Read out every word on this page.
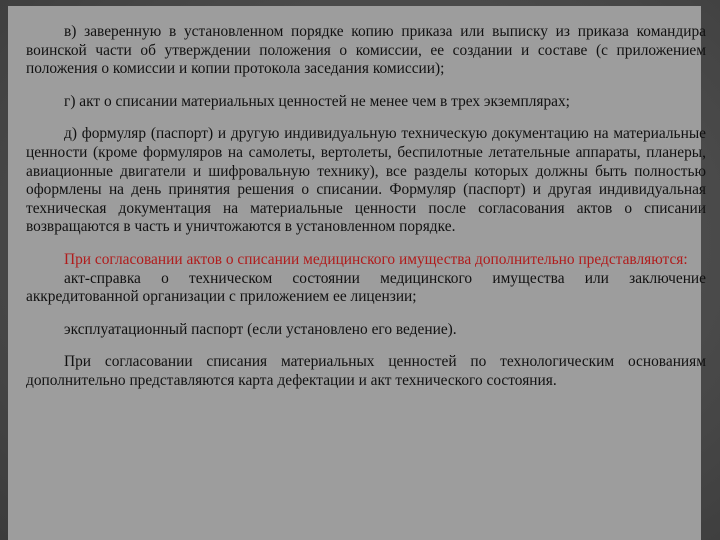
в) заверенную в установленном порядке копию приказа или выписку из приказа командира воинской части об утверждении положения о комиссии, ее создании и составе (с приложением положения о комиссии и копии протокола заседания комиссии);

г) акт о списании материальных ценностей не менее чем в трех экземплярах;

д) формуляр (паспорт) и другую индивидуальную техническую документацию на материальные ценности (кроме формуляров на самолеты, вертолеты, беспилотные летательные аппараты, планеры, авиационные двигатели и шифровальную технику), все разделы которых должны быть полностью оформлены на день принятия решения о списании. Формуляр (паспорт) и другая индивидуальная техническая документация на материальные ценности после согласования актов о списании возвращаются в часть и уничтожаются в установленном порядке.

При согласовании актов о списании медицинского имущества дополнительно представляются:

акт-справка о техническом состоянии медицинского имущества или заключение аккредитованной организации с приложением ее лицензии;

эксплуатационный паспорт (если установлено его ведение).

При согласовании списания материальных ценностей по технологическим основаниям дополнительно представляются карта дефектации и акт технического состояния.
